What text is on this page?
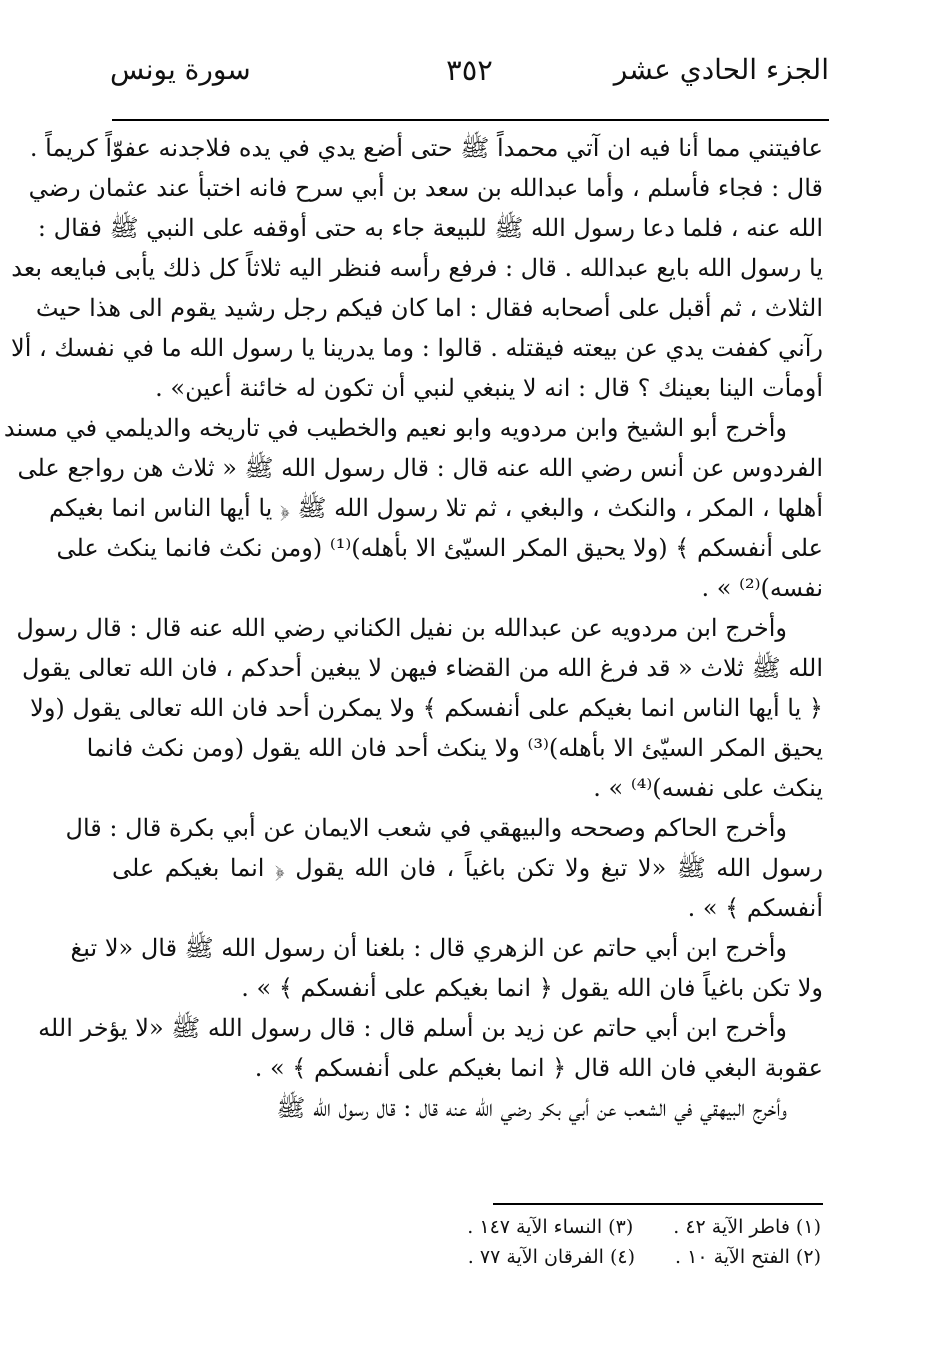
الجزء الحادي عشر
٣٥٢
سورة يونس
عافيتني مما أنا فيه ان آتي محمداً ﷺ حتى أضع يدي في يده فلاجدنه عفوّاً كريماً .
قال : فجاء فأسلم ، وأما عبدالله بن سعد بن أبي سرح فانه اختبأ عند عثمان رضي
الله عنه ، فلما دعا رسول الله ﷺ للبيعة جاء به حتى أوقفه على النبي ﷺ فقال :
يا رسول الله بايع عبدالله . قال : فرفع رأسه فنظر اليه ثلاثاً كل ذلك يأبى فبايعه بعد
الثلاث ، ثم أقبل على أصحابه فقال : اما كان فيكم رجل رشيد يقوم الى هذا حيث
رآني كففت يدي عن بيعته فيقتله . قالوا : وما يدرينا يا رسول الله ما في نفسك ، ألا
أومأت الينا بعينك ؟ قال : انه لا ينبغي لنبي أن تكون له خائنة أعين» .
وأخرج أبو الشيخ وابن مردويه وابو نعيم والخطيب في تاريخه والديلمي في مسند
الفردوس عن أنس رضي الله عنه قال : قال رسول الله ﷺ « ثلاث هن رواجع على
أهلها ، المكر ، والنكث ، والبغي ، ثم تلا رسول الله ﷺ ﴿ يا أيها الناس انما بغيكم
على أنفسكم ﴾ (ولا يحيق المكر السيّئ الا بأهله)⁽¹⁾ (ومن نكث فانما ينكث على
نفسه)⁽²⁾ » .
وأخرج ابن مردويه عن عبدالله بن نفيل الكناني رضي الله عنه قال : قال رسول
الله ﷺ ثلاث « قد فرغ الله من القضاء فيهن لا يبغين أحدكم ، فان الله تعالى يقول
﴿ يا أيها الناس انما بغيكم على أنفسكم ﴾ ولا يمكرن أحد فان الله تعالى يقول (ولا
يحيق المكر السيّئ الا بأهله)⁽³⁾ ولا ينكث أحد فان الله يقول (ومن نكث فانما
ينكث على نفسه)⁽⁴⁾ » .
وأخرج الحاكم وصححه والبيهقي في شعب الايمان عن أبي بكرة قال : قال
رسول الله ﷺ «لا تبغ ولا تكن باغياً ، فان الله يقول ﴿ انما بغيكم على
أنفسكم ﴾ » .
وأخرج ابن أبي حاتم عن الزهري قال : بلغنا أن رسول الله ﷺ قال «لا تبغ
ولا تكن باغياً فان الله يقول ﴿ انما بغيكم على أنفسكم ﴾ » .
وأخرج ابن أبي حاتم عن زيد بن أسلم قال : قال رسول الله ﷺ «لا يؤخر الله
عقوبة البغي فان الله قال ﴿ انما بغيكم على أنفسكم ﴾ » .
وأخرج البيهقي في الشعب عن أبي بكر رضي الله عنه قال : قال رسول الله ﷺ
(١) فاطر الآية ٤٢ .
(٣) النساء الآية ١٤٧ .
(٢) الفتح الآية ١٠ .
(٤) الفرقان الآية ٧٧ .
